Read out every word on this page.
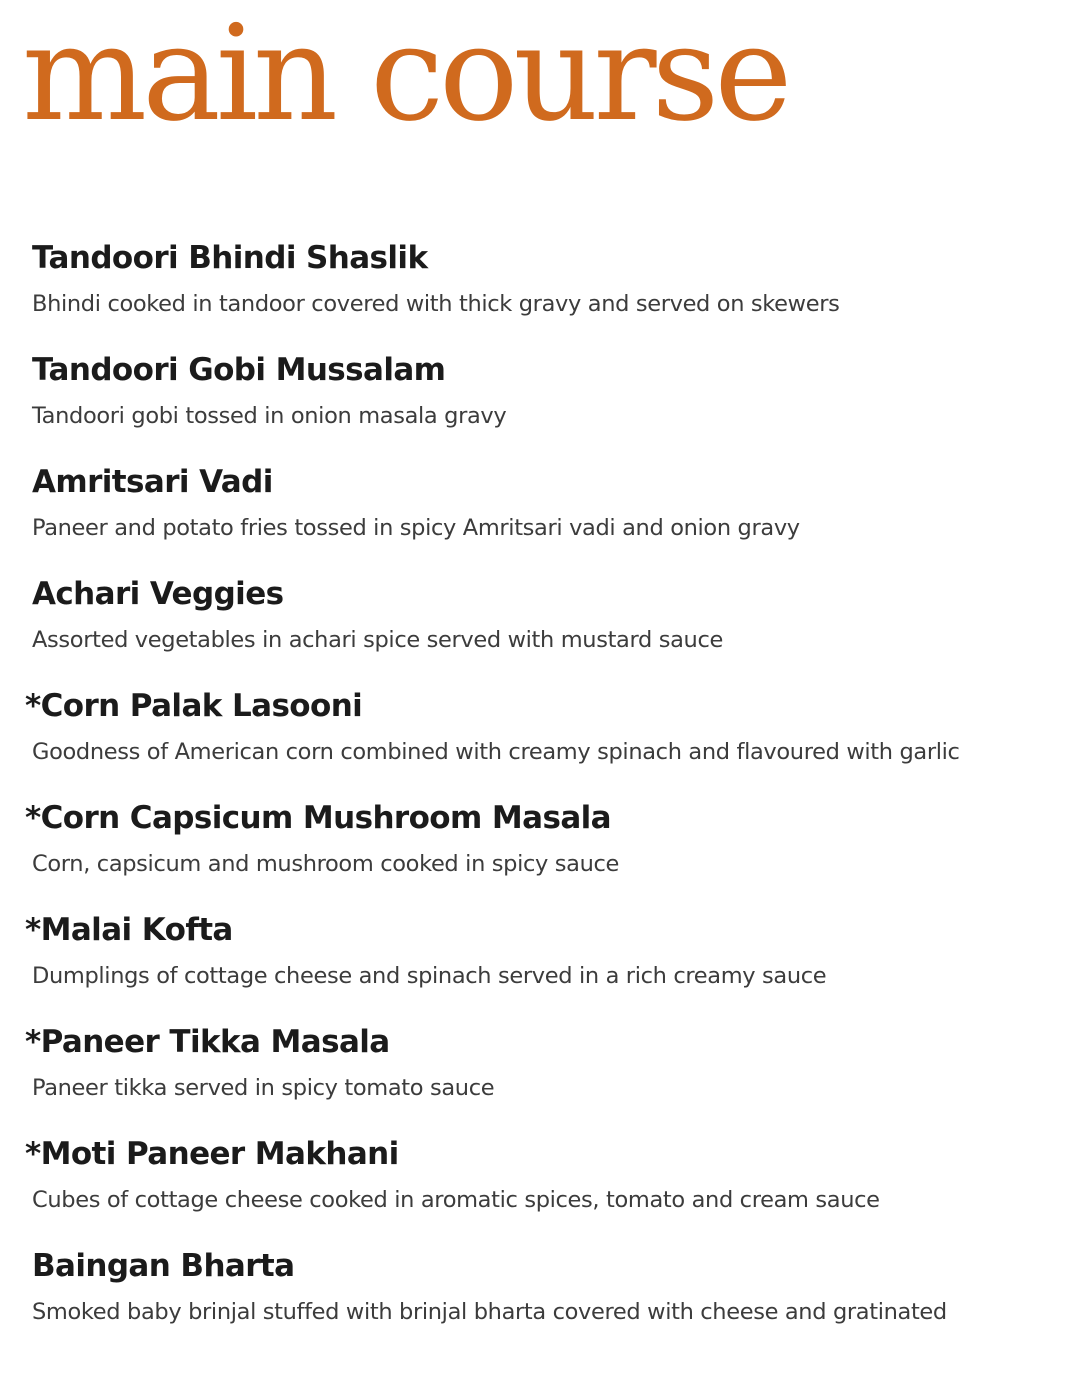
main course
Tandoori Bhindi Shaslik

Bhindi cooked in tandoor covered with thick gravy and served on skewers

Tandoori Gobi Mussalam

Tandoori gobi tossed in onion masala gravy

Amritsari Vadi

Paneer and potato fries tossed in spicy Amritsari vadi and onion gravy

Achari Veggies

Assorted vegetables in achari spice served with mustard sauce

*Corn Palak Lasooni

Goodness of American corn combined with creamy spinach and flavoured with garlic

*Corn Capsicum Mushroom Masala

Corn, capsicum and mushroom cooked in spicy sauce

*Malai Kofta

Dumplings of cottage cheese and spinach served in a rich creamy sauce

*Paneer Tikka Masala

Paneer tikka served in spicy tomato sauce

*Moti Paneer Makhani

Cubes of cottage cheese cooked in aromatic spices, tomato and cream sauce

Baingan Bharta

Smoked baby brinjal stuffed with brinjal bharta covered with cheese and gratinated
